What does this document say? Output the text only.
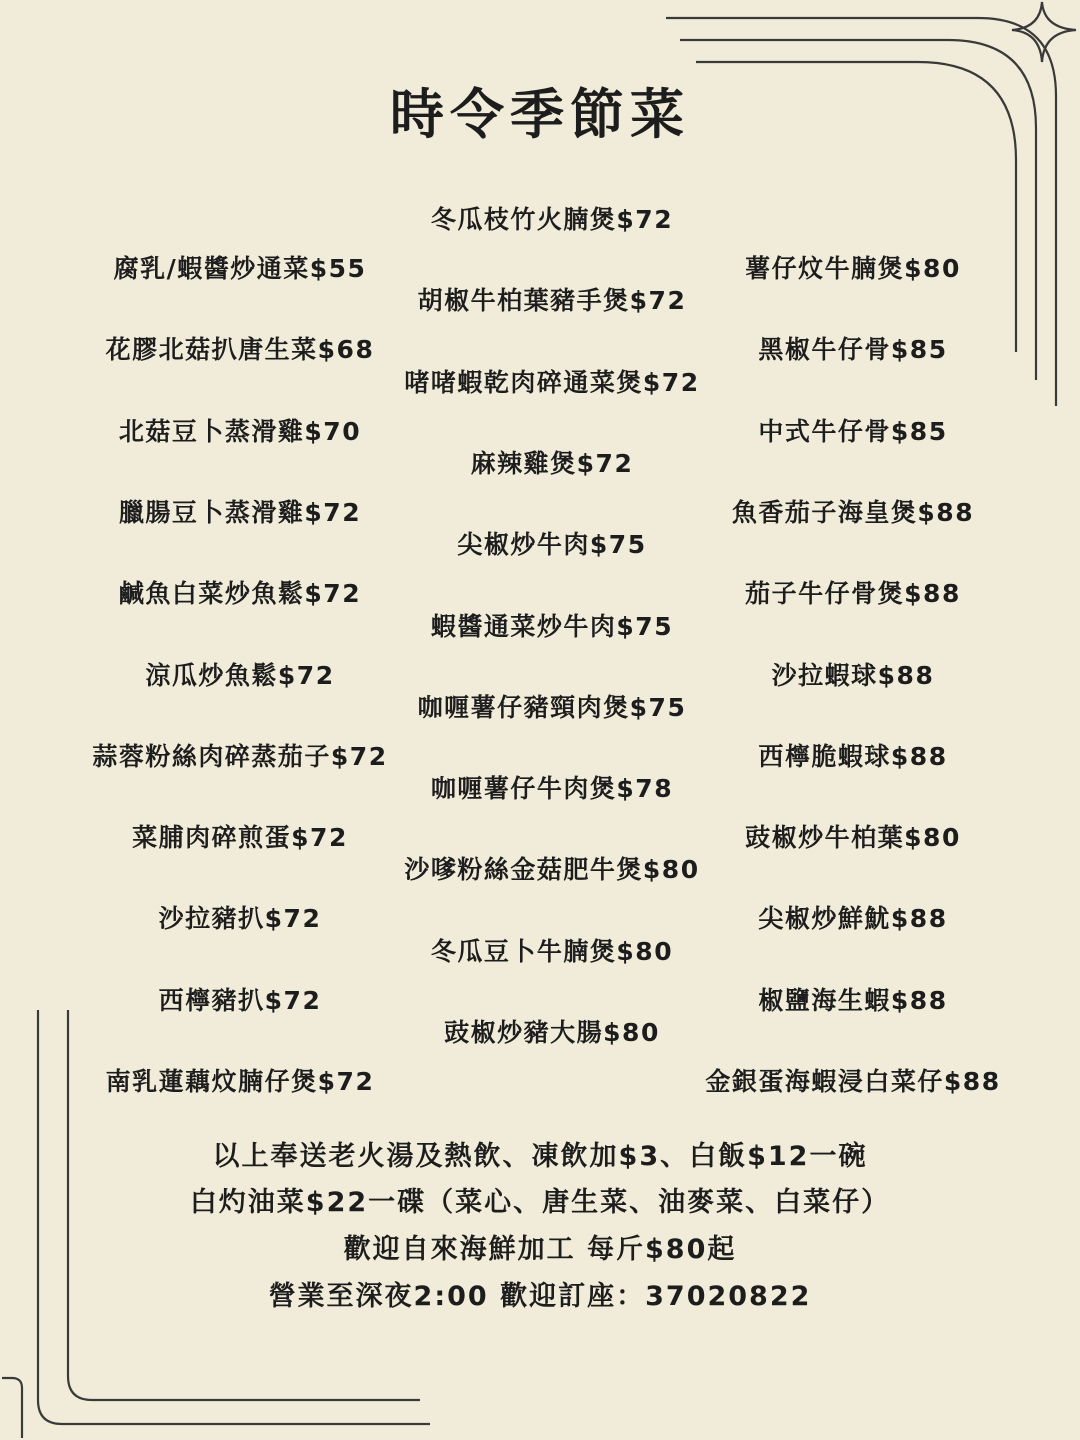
時令季節菜
腐乳/蝦醬炒通菜$55
花膠北菇扒唐生菜$68
北菇豆卜蒸滑雞$70
臘腸豆卜蒸滑雞$72
鹹魚白菜炒魚鬆$72
涼瓜炒魚鬆$72
蒜蓉粉絲肉碎蒸茄子$72
菜脯肉碎煎蛋$72
沙拉豬扒$72
西檸豬扒$72
南乳蓮藕炆腩仔煲$72
冬瓜枝竹火腩煲$72
胡椒牛柏葉豬手煲$72
啫啫蝦乾肉碎通菜煲$72
麻辣雞煲$72
尖椒炒牛肉$75
蝦醬通菜炒牛肉$75
咖喱薯仔豬頸肉煲$75
咖喱薯仔牛肉煲$78
沙嗲粉絲金菇肥牛煲$80
冬瓜豆卜牛腩煲$80
豉椒炒豬大腸$80
薯仔炆牛腩煲$80
黑椒牛仔骨$85
中式牛仔骨$85
魚香茄子海皇煲$88
茄子牛仔骨煲$88
沙拉蝦球$88
西檸脆蝦球$88
豉椒炒牛柏葉$80
尖椒炒鮮魷$88
椒鹽海生蝦$88
金銀蛋海蝦浸白菜仔$88
以上奉送老火湯及熱飲、凍飲加$3、白飯$12一碗
白灼油菜$22一碟（菜心、唐生菜、油麥菜、白菜仔）
歡迎自來海鮮加工 每斤$80起
營業至深夜2:00 歡迎訂座：37020822
